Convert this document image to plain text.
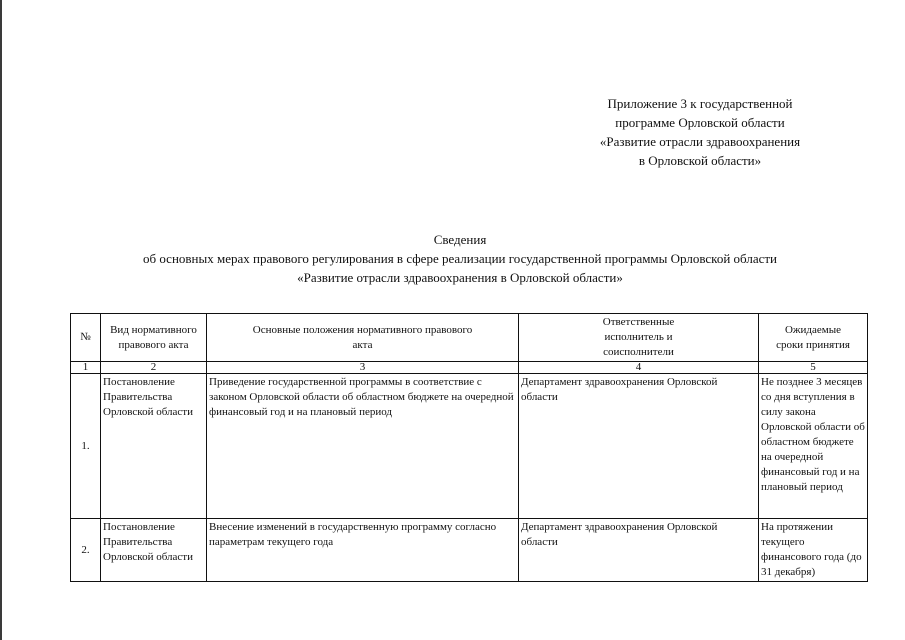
Приложение 3 к государственной
программе Орловской области
«Развитие отрасли здравоохранения
в Орловской области»
Сведения
об основных мерах правового регулирования в сфере реализации государственной программы Орловской области
«Развитие отрасли здравоохранения в Орловской области»
№	Вид нормативного правового акта	Основные положения нормативного правового акта	Ответственные исполнитель и соисполнители	Ожидаемые сроки принятия
1	2	3	4	5
1.	Постановление Правительства Орловской области	Приведение государственной программы в соответствие с законом Орловской области об областном бюджете на очередной финансовый год и на плановый период	Департамент здравоохранения Орловской области	Не позднее 3 месяцев со дня вступления в силу закона Орловской области об областном бюджете на очередной финансовый год и на плановый период
2.	Постановление Правительства Орловской области	Внесение изменений в государственную программу согласно параметрам текущего года	Департамент здравоохранения Орловской области	На протяжении текущего финансового года (до 31 декабря)
